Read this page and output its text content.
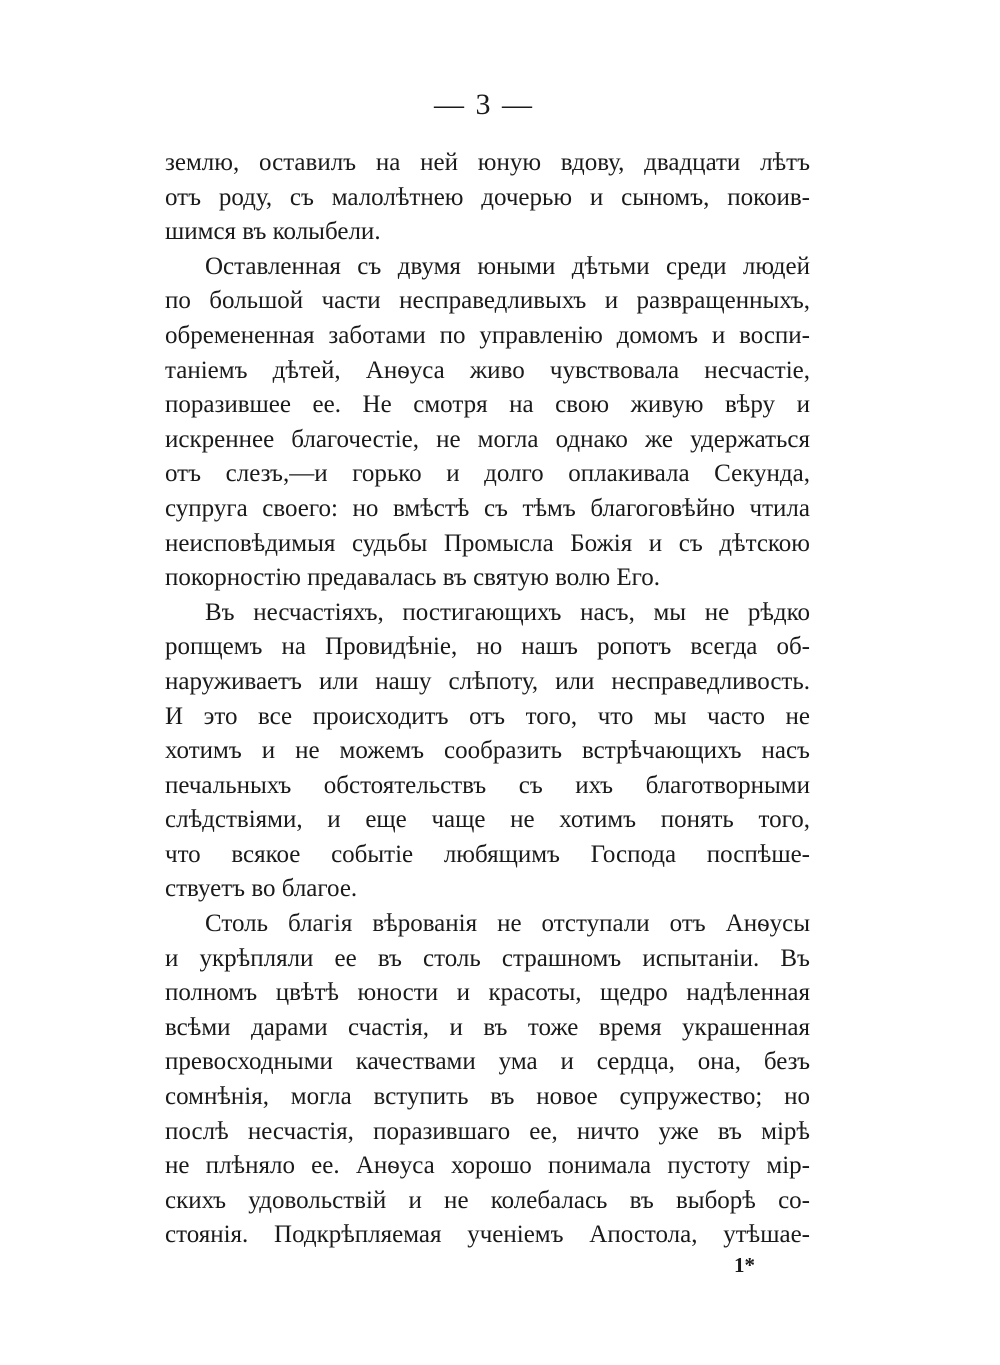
— 3 —
землю, оставилъ на ней юную вдову, двадцати лѣтъ
отъ роду, съ малолѣтнею дочерью и сыномъ, покоив-
шимся въ колыбели.
Оставленная съ двумя юными дѣтьми среди людей
по большой части несправедливыхъ и развращенныхъ,
обремененная заботами по управленію домомъ и воспи-
таніемъ дѣтей, Анѳуса живо чувствовала несчастіе,
поразившее ее. Не смотря на свою живую вѣру и
искреннее благочестіе, не могла однако же удержаться
отъ слезъ,—и горько и долго оплакивала Секунда,
супруга своего: но вмѣстѣ съ тѣмъ благоговѣйно чтила
неисповѣдимыя судьбы Промысла Божія и съ дѣтскою
покорностію предавалась въ святую волю Его.
Въ несчастіяхъ, постигающихъ насъ, мы не рѣдко
ропщемъ на Провидѣніе, но нашъ ропотъ всегда об-
наруживаетъ или нашу слѣпоту, или несправедливость.
И это все происходитъ отъ того, что мы часто не
хотимъ и не можемъ сообразить встрѣчающихъ насъ
печальныхъ обстоятельствъ съ ихъ благотворными
слѣдствіями, и еще чаще не хотимъ понять того,
что всякое событіе любящимъ Господа поспѣше-
ствуетъ во благое.
Столь благія вѣрованія не отступали отъ Анѳусы
и укрѣпляли ее въ столь страшномъ испытаніи. Въ
полномъ цвѣтѣ юности и красоты, щедро надѣленная
всѣми дарами счастія, и въ тоже время украшенная
превосходными качествами ума и сердца, она, безъ
сомнѣнія, могла вступить въ новое супружество; но
послѣ несчастія, поразившаго ее, ничто уже въ мірѣ
не плѣняло ее. Анѳуса хорошо понимала пустоту мір-
скихъ удовольствій и не колебалась въ выборѣ со-
стоянія. Подкрѣпляемая ученіемъ Апостола, утѣшае-
1*
